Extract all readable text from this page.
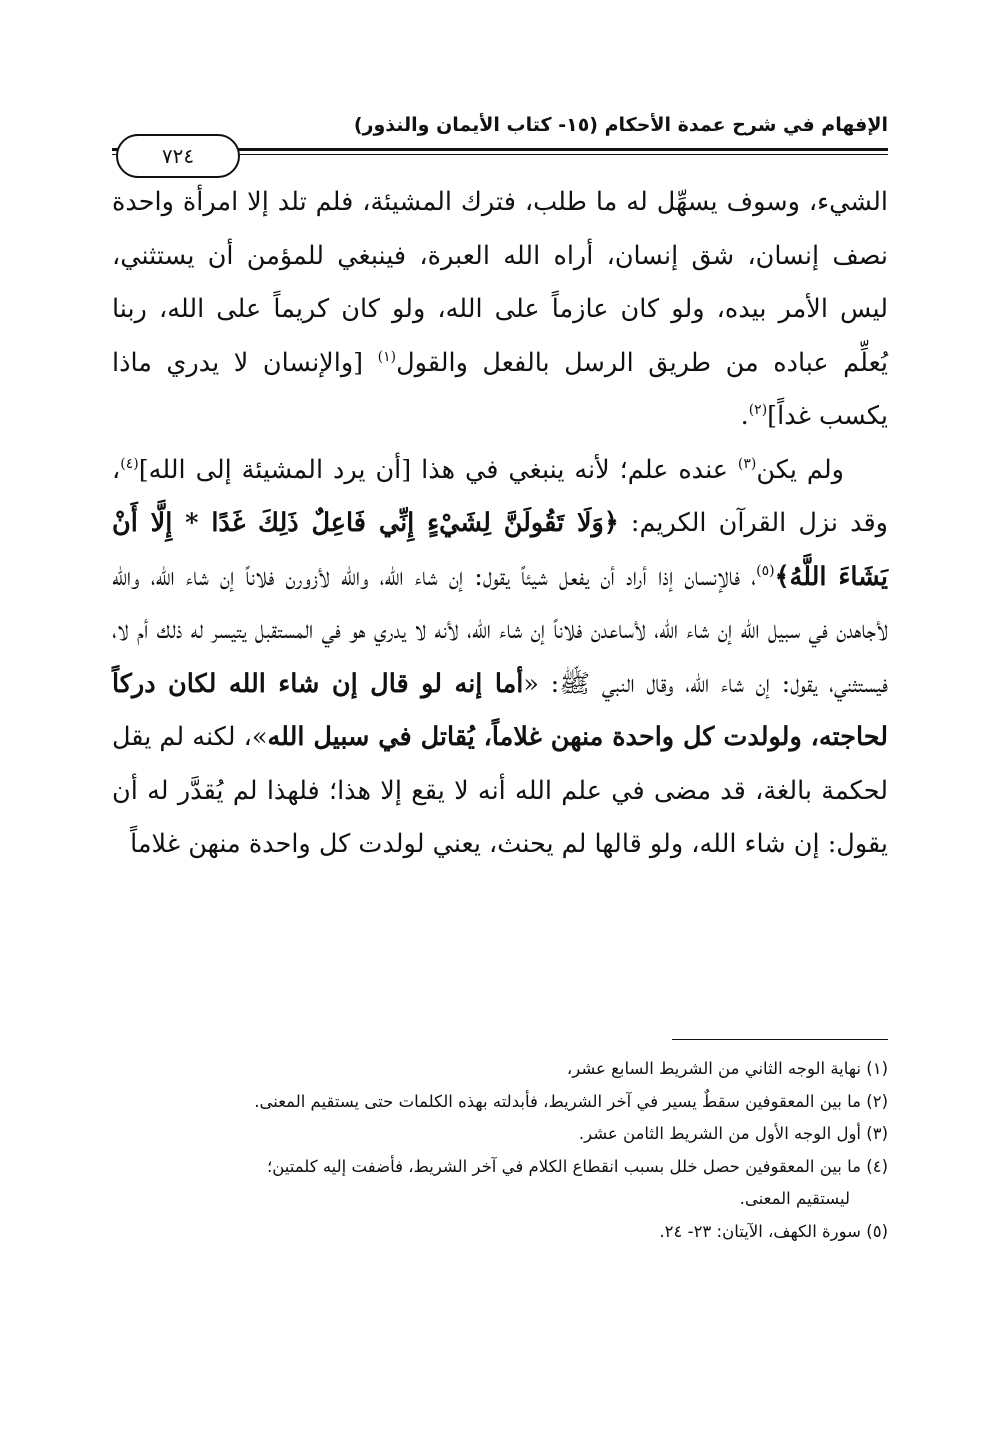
الإفهام في شرح عمدة الأحكام (١٥- كتاب الأيمان والنذور)
٧٢٤

الشيء، وسوف يسهِّل له ما طلب، فترك المشيئة، فلم تلد إلا امرأة واحدة نصف إنسان، شق إنسان، أراه الله العبرة، فينبغي للمؤمن أن يستثني، ليس الأمر بيده، ولو كان عازماً على الله، ولو كان كريماً على الله، ربنا يُعلِّم عباده من طريق الرسل بالفعل والقول$^{(١)}$ [والإنسان لا يدري ماذا يكسب غداً]$^{(٢)}$.

ولم يكن$^{(٣)}$ عنده علم؛ لأنه ينبغي في هذا [أن يرد المشيئة إلى الله]$^{(٤)}$، وقد نزل القرآن الكريم: ﴿وَلَا تَقُولَنَّ لِشَيْءٍ إِنِّي فَاعِلٌ ذَلِكَ غَدًا * إِلَّا أَنْ يَشَاءَ اللَّهُ﴾$^{(٥)}$، فالإنسان إذا أراد أن يفعل شيئاً يقول: إن شاء الله، والله لأزورن فلاناً إن شاء الله، والله لأجاهدن في سبيل الله إن شاء الله، لأساعدن فلاناً إن شاء الله، لأنه لا يدري هو في المستقبل يتيسر له ذلك أم لا، فيستثني، يقول: إن شاء الله، وقال النبي ﷺ: «أما إنه لو قال إن شاء الله لكان دركاً لحاجته، ولولدت كل واحدة منهن غلاماً، يُقاتل في سبيل الله»، لكنه لم يقل لحكمة بالغة، قد مضى في علم الله أنه لا يقع إلا هذا؛ فلهذا لم يُقدَّر له أن يقول: إن شاء الله، ولو قالها لم يحنث، يعني لولدت كل واحدة منهن غلاماً

(١) نهاية الوجه الثاني من الشريط السابع عشر،

(٢) ما بين المعقوفين سقطٌ يسير في آخر الشريط، فأبدلته بهذه الكلمات حتى يستقيم المعنى.

(٣) أول الوجه الأول من الشريط الثامن عشر.

(٤) ما بين المعقوفين حصل خلل بسبب انقطاع الكلام في آخر الشريط، فأضفت إليه كلمتين؛

ليستقيم المعنى.

(٥) سورة الكهف، الآيتان: ٢٣- ٢٤.
